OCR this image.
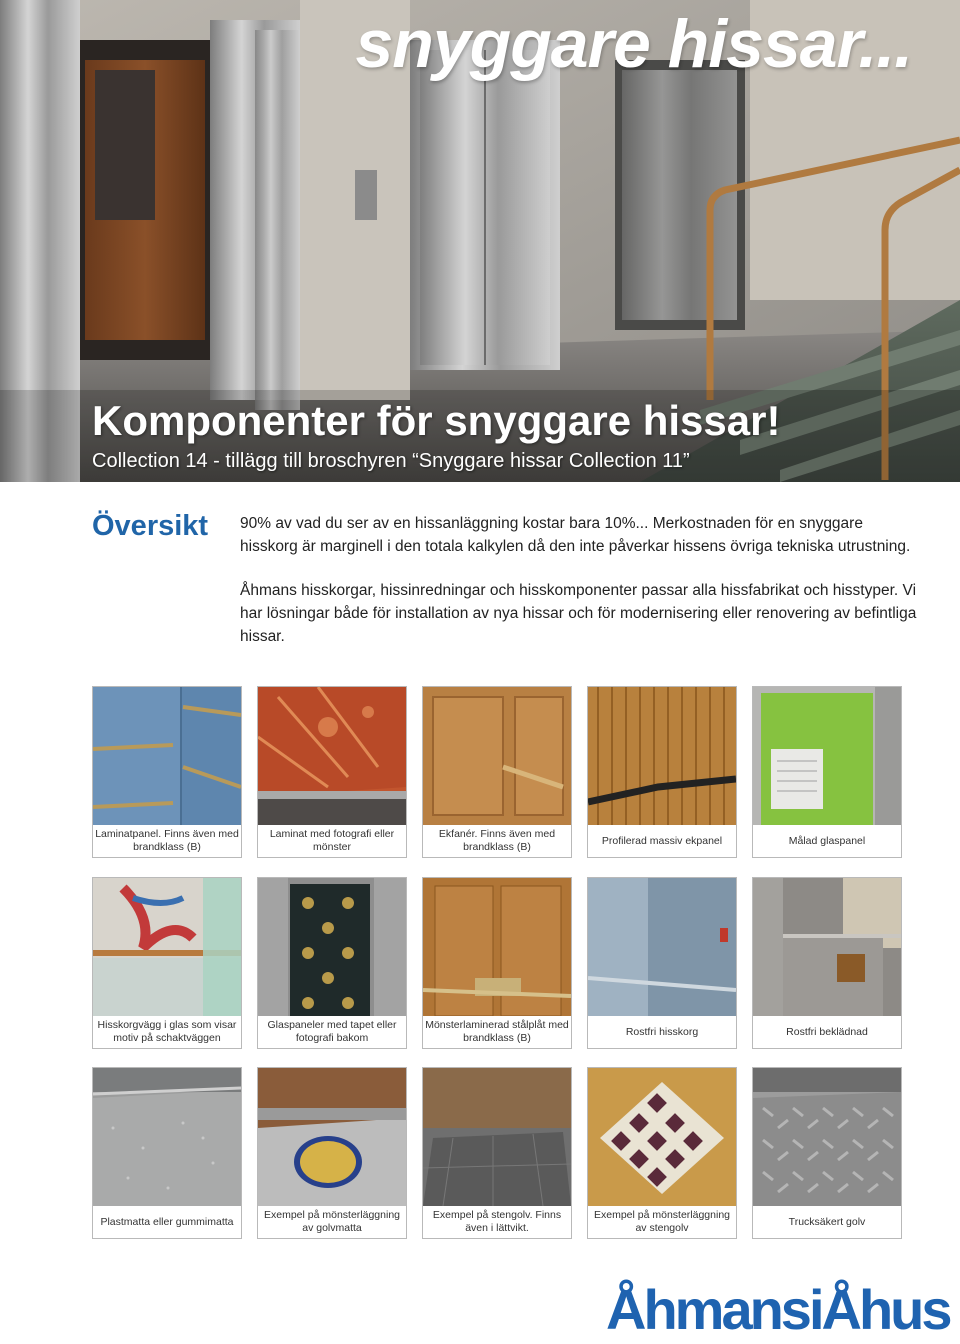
snyggare hissar...
Komponenter för snyggare hissar!
Collection 14 - tillägg till broschyren “Snyggare hissar Collection 11”
Översikt 90% av vad du ser av en hissanläggning kostar bara 10%... Merkostnaden för en snyggare hisskorg är marginell i den totala kalkylen då den inte påverkar hissens övriga tekniska utrustning.

Åhmans hisskorgar, hissinredningar och hisskomponenter passar alla hissfabrikat och hisstyper. Vi har lösningar både för installation av nya hissar och för modernisering eller renovering av befintliga hissar.

Laminatpanel. Finns även med brandklass (B)
Laminat med fotografi eller mönster
Ekfanér. Finns även med brandklass (B)
Profilerad massiv ekpanel	Målad glaspanel
Hisskorgvägg i glas som visar motiv på schaktväggen
Glaspaneler med tapet eller fotografi bakom
Mönsterlaminerad stålplåt med brandklass (B)
Rostfri hisskorg	Rostfri beklädnad
Plastmatta eller gummimatta
Exempel på mönsterläggning av golvmatta
Exempel på stengolv. Finns även i lättvikt.
Exempel på mönsterläggning av stengolv
Trucksäkert golv
ÅhmansiÅhus
